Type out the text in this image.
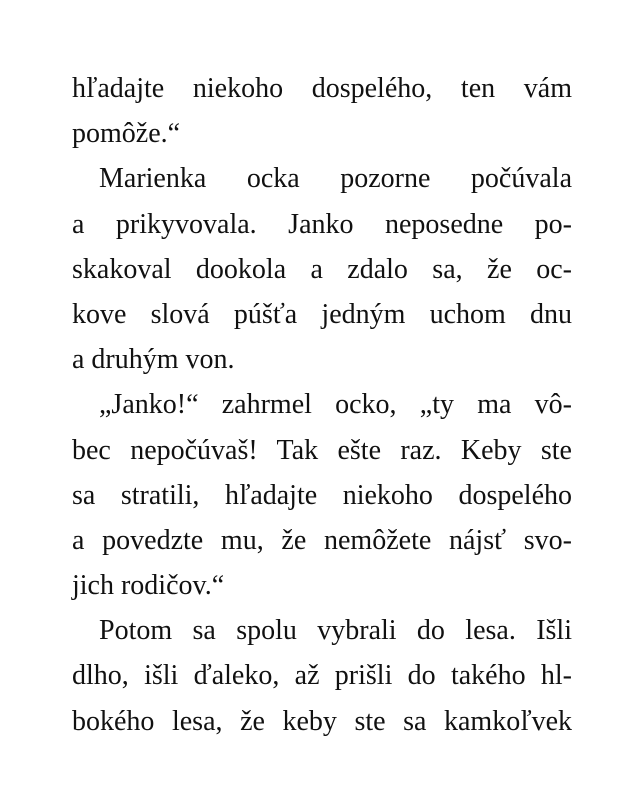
hľadajte niekoho dospelého, ten vám
pomôže.“
Marienka ocka pozorne počúvala
a prikyvovala. Janko neposedne po-
skakoval dookola a zdalo sa, že oc-
kove slová púšťa jedným uchom dnu
a druhým von.
„Janko!“ zahrmel ocko, „ty ma vô-
bec nepočúvaš! Tak ešte raz. Keby ste
sa stratili, hľadajte niekoho dospelého
a povedzte mu, že nemôžete nájsť svo-
jich rodičov.“
Potom sa spolu vybrali do lesa. Išli
dlho, išli ďaleko, až prišli do takého hl-
bokého lesa, že keby ste sa kamkoľvek
